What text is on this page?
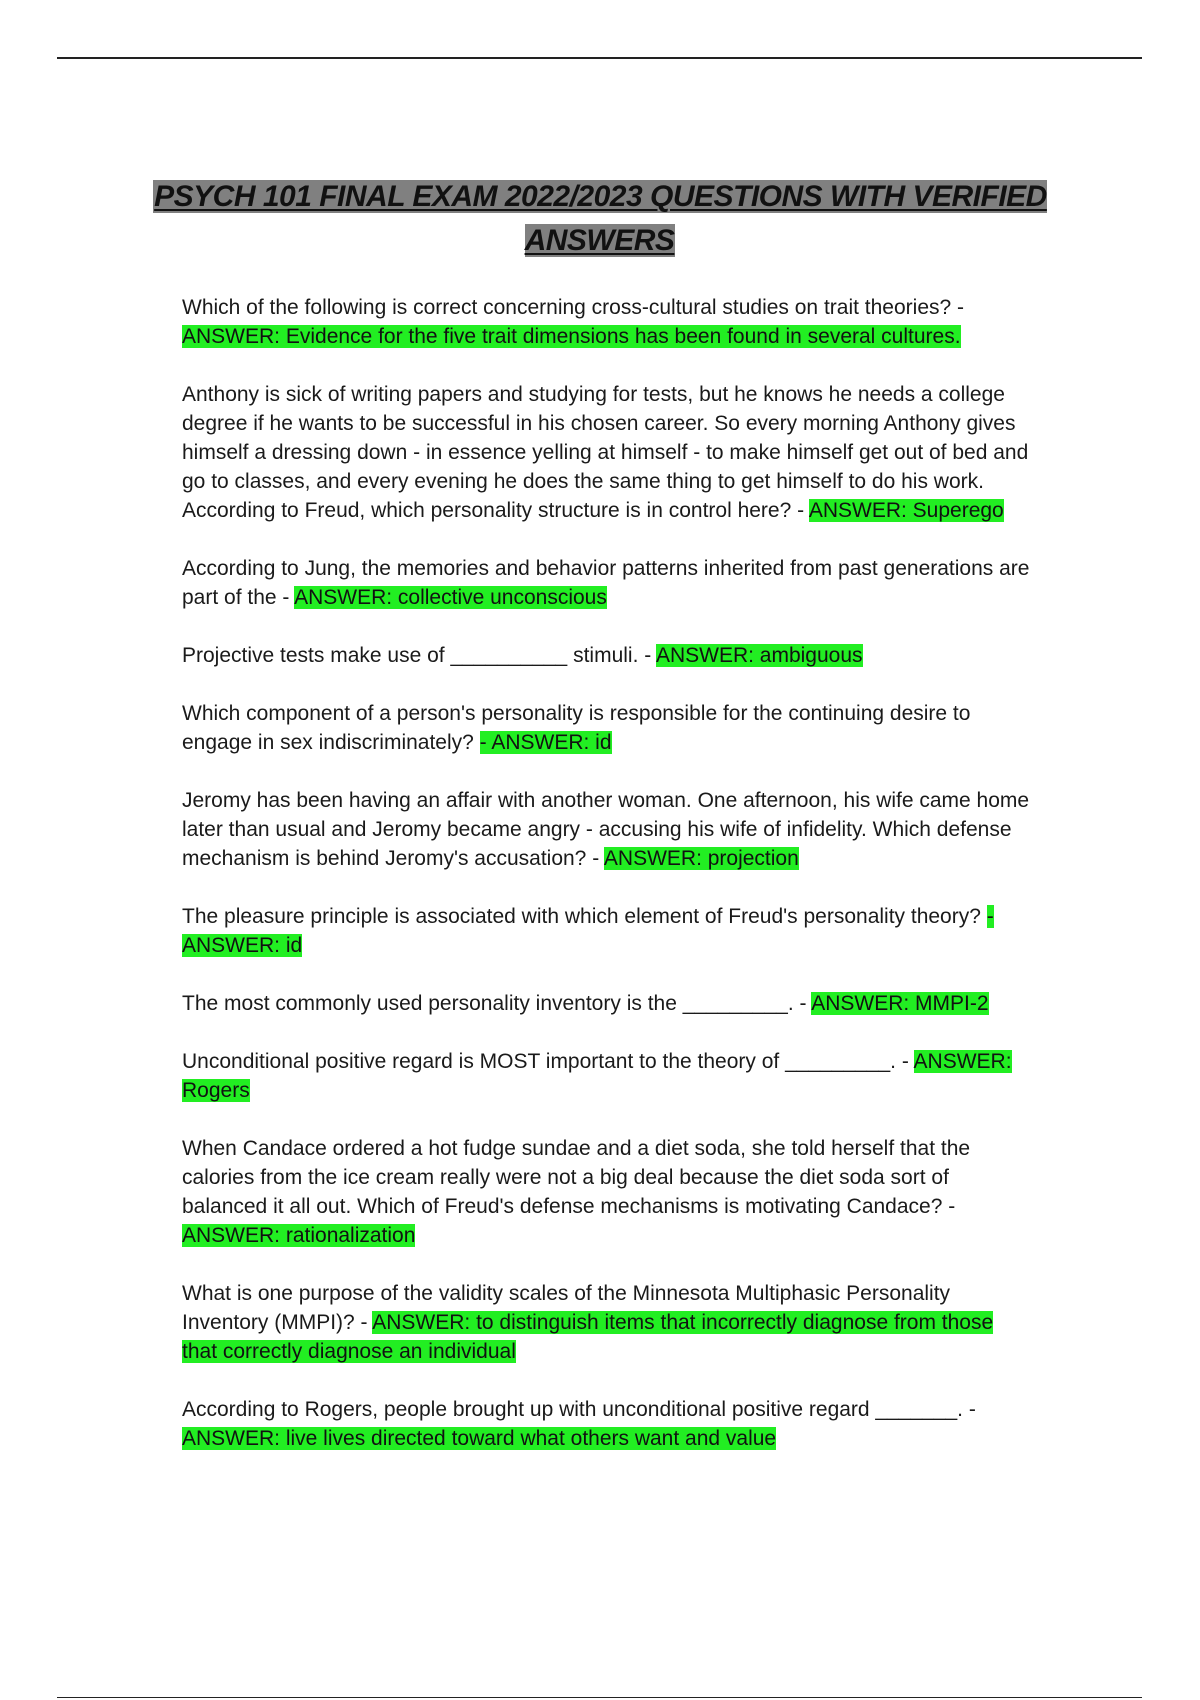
PSYCH 101 FINAL EXAM 2022/2023 QUESTIONS WITH VERIFIED ANSWERS

Which of the following is correct concerning cross-cultural studies on trait theories? - ANSWER: Evidence for the five trait dimensions has been found in several cultures.

Anthony is sick of writing papers and studying for tests, but he knows he needs a college degree if he wants to be successful in his chosen career. So every morning Anthony gives himself a dressing down - in essence yelling at himself - to make himself get out of bed and go to classes, and every evening he does the same thing to get himself to do his work. According to Freud, which personality structure is in control here? - ANSWER: Superego

According to Jung, the memories and behavior patterns inherited from past generations are part of the - ANSWER: collective unconscious

Projective tests make use of __________ stimuli. - ANSWER: ambiguous

Which component of a person's personality is responsible for the continuing desire to engage in sex indiscriminately? - ANSWER: id

Jeromy has been having an affair with another woman. One afternoon, his wife came home later than usual and Jeromy became angry - accusing his wife of infidelity. Which defense mechanism is behind Jeromy's accusation? - ANSWER: projection

The pleasure principle is associated with which element of Freud's personality theory? - ANSWER: id

The most commonly used personality inventory is the _________. - ANSWER: MMPI-2

Unconditional positive regard is MOST important to the theory of _________. - ANSWER: Rogers

When Candace ordered a hot fudge sundae and a diet soda, she told herself that the calories from the ice cream really were not a big deal because the diet soda sort of balanced it all out. Which of Freud's defense mechanisms is motivating Candace? - ANSWER: rationalization

What is one purpose of the validity scales of the Minnesota Multiphasic Personality Inventory (MMPI)? - ANSWER: to distinguish items that incorrectly diagnose from those that correctly diagnose an individual

According to Rogers, people brought up with unconditional positive regard _______. - ANSWER: live lives directed toward what others want and value
